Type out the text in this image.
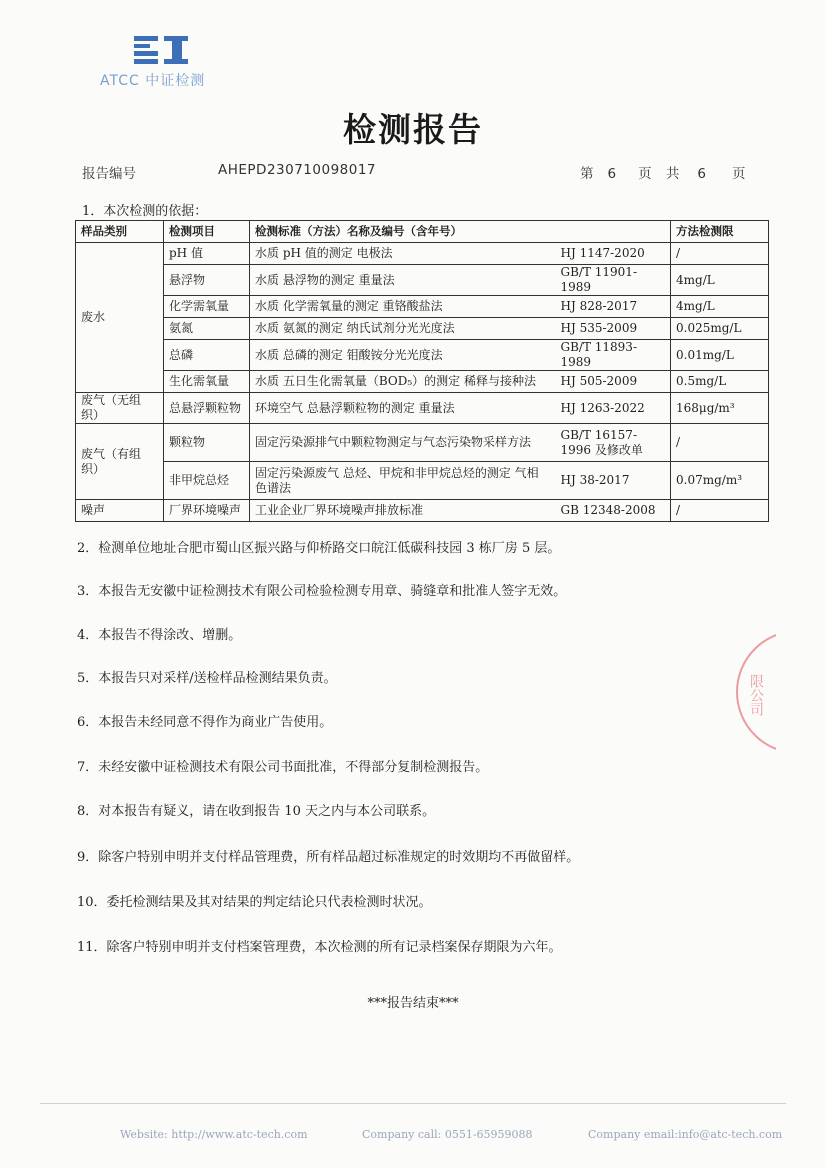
ATCC 中证检测
检测报告
报告编号	AHEPD230710098017	第 6 页 共 6 页
1．本次检测的依据：
样品类别	检测项目	检测标准（方法）名称及编号（含年号）		方法检测限
废水	pH 值	水质 pH 值的测定 电极法	HJ 1147-2020	/
	悬浮物	水质 悬浮物的测定 重量法	GB/T 11901-1989	4mg/L
	化学需氧量	水质 化学需氧量的测定 重铬酸盐法	HJ 828-2017	4mg/L
	氨氮	水质 氨氮的测定 纳氏试剂分光光度法	HJ 535-2009	0.025mg/L
	总磷	水质 总磷的测定 钼酸铵分光光度法	GB/T 11893-1989	0.01mg/L
	生化需氧量	水质 五日生化需氧量（BOD₅）的测定 稀释与接种法	HJ 505-2009	0.5mg/L
废气（无组织）	总悬浮颗粒物	环境空气 总悬浮颗粒物的测定 重量法	HJ 1263-2022	168μg/m³
废气（有组织）	颗粒物	固定污染源排气中颗粒物测定与气态污染物采样方法	GB/T 16157-1996 及修改单	/
	非甲烷总烃	固定污染源废气 总烃、甲烷和非甲烷总烃的测定 气相色谱法	HJ 38-2017	0.07mg/m³
噪声	厂界环境噪声	工业企业厂界环境噪声排放标准	GB 12348-2008	/
2．检测单位地址合肥市蜀山区振兴路与仰桥路交口皖江低碳科技园 3 栋厂房 5 层。
3．本报告无安徽中证检测技术有限公司检验检测专用章、骑缝章和批准人签字无效。
4．本报告不得涂改、增删。
5．本报告只对采样/送检样品检测结果负责。
6．本报告未经同意不得作为商业广告使用。
7．未经安徽中证检测技术有限公司书面批准，不得部分复制检测报告。
8．对本报告有疑义，请在收到报告 10 天之内与本公司联系。
9．除客户特别申明并支付样品管理费，所有样品超过标准规定的时效期均不再做留样。
10．委托检测结果及其对结果的判定结论只代表检测时状况。
11．除客户特别申明并支付档案管理费，本次检测的所有记录档案保存期限为六年。
***报告结束***
限公司
Website: http://www.atc-tech.com	Company call: 0551-65959088	Company email:info@atc-tech.com
